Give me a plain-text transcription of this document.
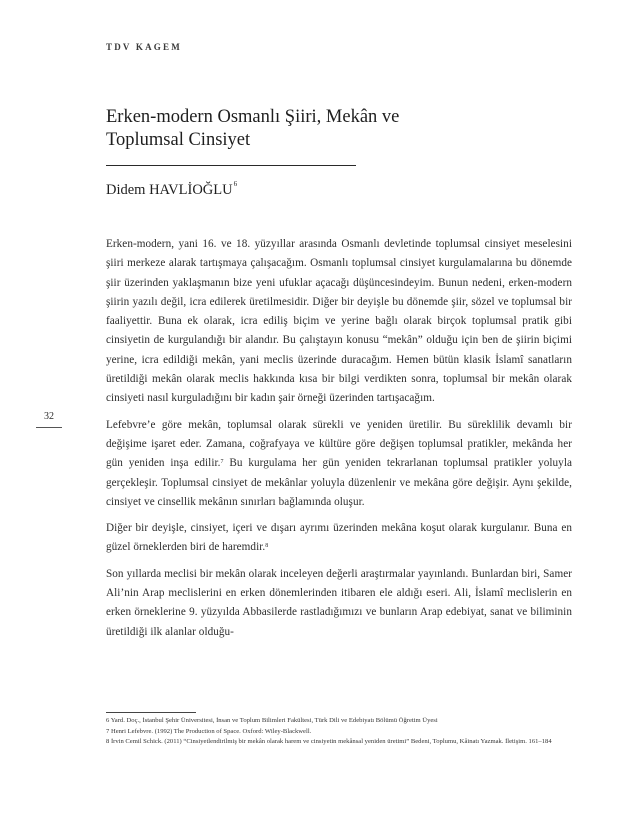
TDV KAGEM
Erken-modern Osmanlı Şiiri, Mekân ve
Toplumsal Cinsiyet
Didem HAVLİOĞLU$^6$
32

Erken-modern, yani 16. ve 18. yüzyıllar arasında Osmanlı devletinde toplumsal cinsiyet meselesini şiiri merkeze alarak tartışmaya çalışacağım. Osmanlı toplumsal cinsiyet kurgulamalarına bu dönemde şiir üzerinden yaklaşmanın bize yeni ufuklar açacağı düşüncesindeyim. Bunun nedeni, erken-modern şiirin yazılı değil, icra edilerek üretilmesidir. Diğer bir deyişle bu dönemde şiir, sözel ve toplumsal bir faaliyettir. Buna ek olarak, icra ediliş biçim ve yerine bağlı olarak birçok toplumsal pratik gibi cinsiyetin de kurgulandığı bir alandır. Bu çalıştayın konusu “mekân” olduğu için ben de şiirin biçimi yerine, icra edildiği mekân, yani meclis üzerinde duracağım. Hemen bütün klasik İslamî sanatların üretildiği mekân olarak meclis hakkında kısa bir bilgi verdikten sonra, toplumsal bir mekân olarak cinsiyeti nasıl kurguladığını bir kadın şair örneği üzerinden tartışacağım.

Lefebvre’e göre mekân, toplumsal olarak sürekli ve yeniden üretilir. Bu süreklilik devamlı bir değişime işaret eder. Zamana, coğrafyaya ve kültüre göre değişen toplumsal pratikler, mekânda her gün yeniden inşa edilir.$^7$ Bu kurgulama her gün yeniden tekrarlanan toplumsal pratikler yoluyla gerçekleşir. Toplumsal cinsiyet de mekânlar yoluyla düzenlenir ve mekâna göre değişir. Aynı şekilde, cinsiyet ve cinsellik mekânın sınırları bağlamında oluşur.

Diğer bir deyişle, cinsiyet, içeri ve dışarı ayrımı üzerinden mekâna koşut olarak kurgulanır. Buna en güzel örneklerden biri de haremdir.$^8$

Son yıllarda meclisi bir mekân olarak inceleyen değerli araştırmalar yayınlandı. Bunlardan biri, Samer Ali’nin Arap meclislerini en erken dönemlerinden itibaren ele aldığı eseri. Ali, İslamî meclislerin en erken örneklerine 9. yüzyılda Abbasilerde rastladığımızı ve bunların Arap edebiyat, sanat ve biliminin üretildiği ilk alanlar olduğu-

6 Yard. Doç., İstanbul Şehir Üniversitesi, İnsan ve Toplum Bilimleri Fakültesi, Türk Dili ve Edebiyatı Bölümü Öğretim Üyesi
7 Henri Lefebvre. (1992) The Production of Space. Oxford: Wiley-Blackwell.
8 İrvin Cemil Schick. (2011) “Cinsiyetlendirilmiş bir mekân olarak harem ve cinsiyetin mekânsal yeniden üretimi” Bedeni, Toplumu, Kâinatı Yazmak. İletişim. 161–184
